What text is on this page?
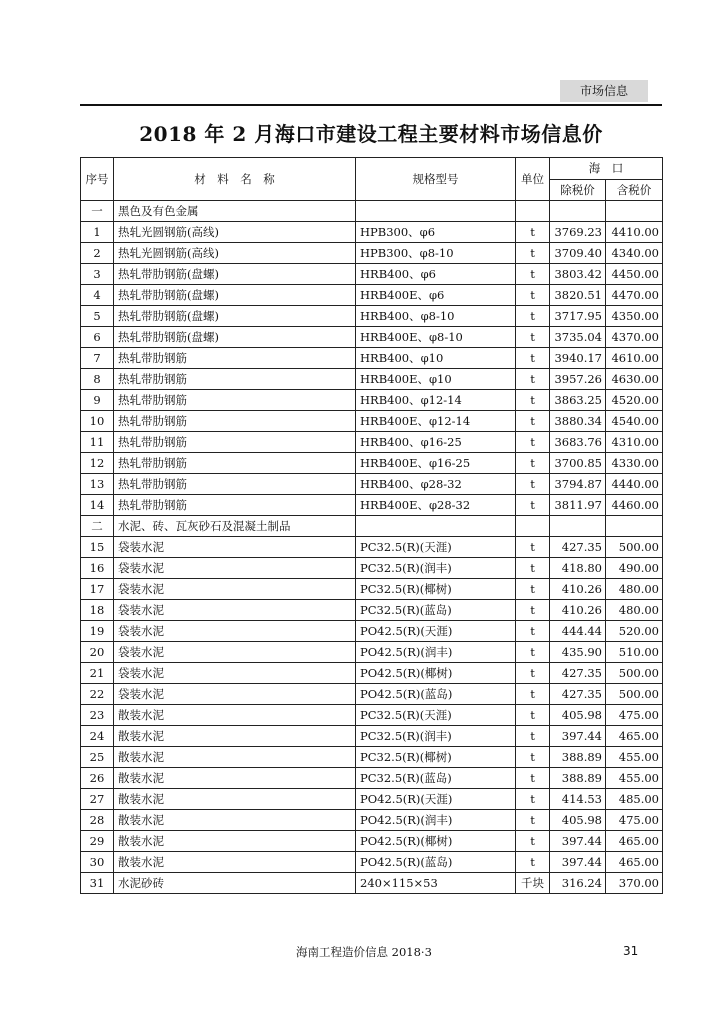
市场信息
2018 年 2 月海口市建设工程主要材料市场信息价
序号	材　料　名　称	规格型号	单位	海　口	
				除税价	含税价
一	黑色及有色金属				
1	热轧光圆钢筋(高线)	HPB300、φ6	t	3769.23	4410.00
2	热轧光圆钢筋(高线)	HPB300、φ8-10	t	3709.40	4340.00
3	热轧带肋钢筋(盘螺)	HRB400、φ6	t	3803.42	4450.00
4	热轧带肋钢筋(盘螺)	HRB400E、φ6	t	3820.51	4470.00
5	热轧带肋钢筋(盘螺)	HRB400、φ8-10	t	3717.95	4350.00
6	热轧带肋钢筋(盘螺)	HRB400E、φ8-10	t	3735.04	4370.00
7	热轧带肋钢筋	HRB400、φ10	t	3940.17	4610.00
8	热轧带肋钢筋	HRB400E、φ10	t	3957.26	4630.00
9	热轧带肋钢筋	HRB400、φ12-14	t	3863.25	4520.00
10	热轧带肋钢筋	HRB400E、φ12-14	t	3880.34	4540.00
11	热轧带肋钢筋	HRB400、φ16-25	t	3683.76	4310.00
12	热轧带肋钢筋	HRB400E、φ16-25	t	3700.85	4330.00
13	热轧带肋钢筋	HRB400、φ28-32	t	3794.87	4440.00
14	热轧带肋钢筋	HRB400E、φ28-32	t	3811.97	4460.00
二	水泥、砖、瓦灰砂石及混凝土制品				
15	袋装水泥	PC32.5(R)(天涯)	t	427.35	500.00
16	袋装水泥	PC32.5(R)(润丰)	t	418.80	490.00
17	袋装水泥	PC32.5(R)(椰树)	t	410.26	480.00
18	袋装水泥	PC32.5(R)(蓝岛)	t	410.26	480.00
19	袋装水泥	PO42.5(R)(天涯)	t	444.44	520.00
20	袋装水泥	PO42.5(R)(润丰)	t	435.90	510.00
21	袋装水泥	PO42.5(R)(椰树)	t	427.35	500.00
22	袋装水泥	PO42.5(R)(蓝岛)	t	427.35	500.00
23	散装水泥	PC32.5(R)(天涯)	t	405.98	475.00
24	散装水泥	PC32.5(R)(润丰)	t	397.44	465.00
25	散装水泥	PC32.5(R)(椰树)	t	388.89	455.00
26	散装水泥	PC32.5(R)(蓝岛)	t	388.89	455.00
27	散装水泥	PO42.5(R)(天涯)	t	414.53	485.00
28	散装水泥	PO42.5(R)(润丰)	t	405.98	475.00
29	散装水泥	PO42.5(R)(椰树)	t	397.44	465.00
30	散装水泥	PO42.5(R)(蓝岛)	t	397.44	465.00
31	水泥砂砖	240×115×53	千块	316.24	370.00
海南工程造价信息 2018·3	31
